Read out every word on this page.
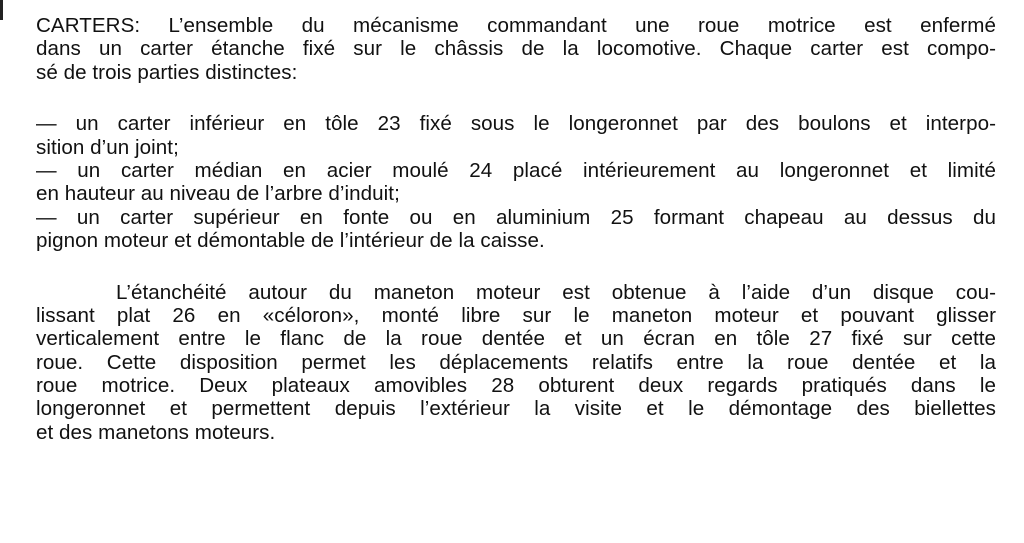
CARTERS: L’ensemble du mécanisme commandant une roue motrice est enfermé
dans un carter étanche fixé sur le châssis de la locomotive. Chaque carter est compo-
sé de trois parties distinctes:
— un carter inférieur en tôle 23 fixé sous le longeronnet par des boulons et interpo-
sition d’un joint;
— un carter médian en acier moulé 24 placé intérieurement au longeronnet et limité
en hauteur au niveau de l’arbre d’induit;
— un carter supérieur en fonte ou en aluminium 25 formant chapeau au dessus du
pignon moteur et démontable de l’intérieur de la caisse.
L’étanchéité autour du maneton moteur est obtenue à l’aide d’un disque cou-
lissant plat 26 en «céloron», monté libre sur le maneton moteur et pouvant glisser
verticalement entre le flanc de la roue dentée et un écran en tôle 27 fixé sur cette
roue. Cette disposition permet les déplacements relatifs entre la roue dentée et la
roue motrice. Deux plateaux amovibles 28 obturent deux regards pratiqués dans le
longeronnet et permettent depuis l’extérieur la visite et le démontage des biellettes
et des manetons moteurs.
